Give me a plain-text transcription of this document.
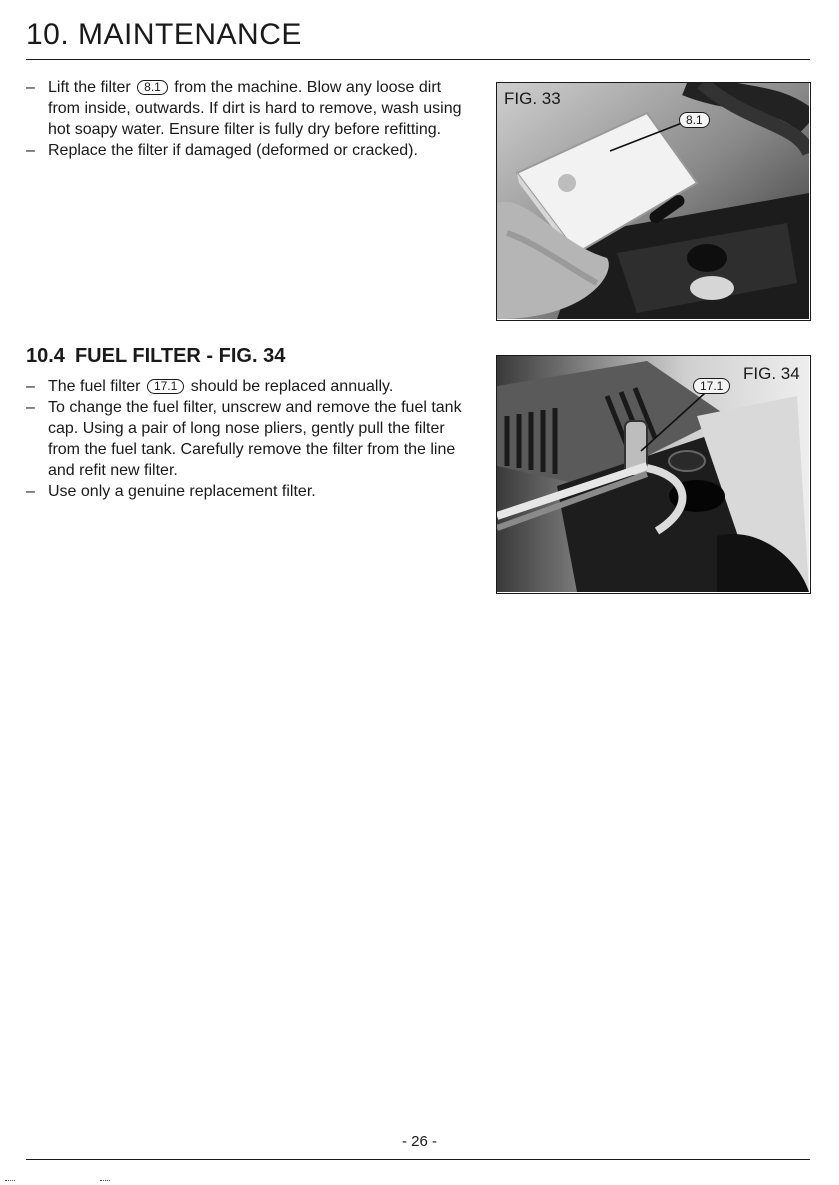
10. MAINTENANCE
– Lift the filter 8.1 from the machine. Blow any loose dirt from inside, outwards. If dirt is hard to remove, wash using hot soapy water. Ensure filter is fully dry before refitting.
– Replace the filter if damaged (deformed or cracked).
FIG. 33
8.1
10.4 FUEL FILTER - FIG. 34
– The fuel filter 17.1 should be replaced annually.
– To change the fuel filter, unscrew and remove the fuel tank cap. Using a pair of long nose pliers, gently pull the filter from the fuel tank. Carefully remove the filter from the line and refit new filter.
– Use only a genuine replacement filter.
FIG. 34
17.1
- 26 -
